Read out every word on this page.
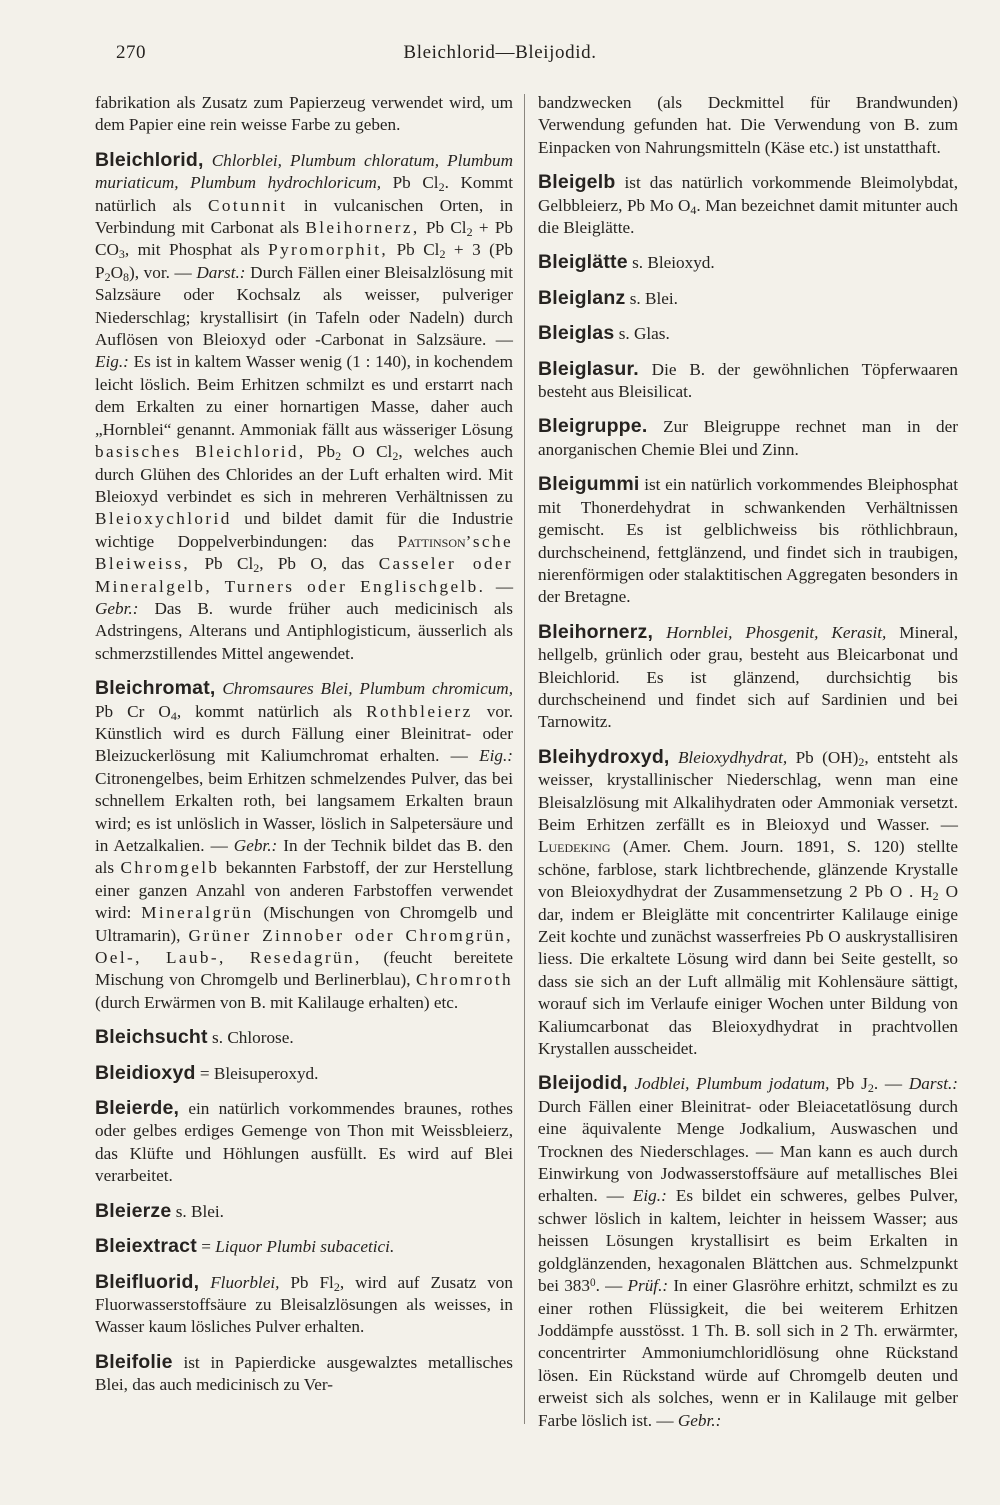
270	Bleichlorid—Bleijodid.

fabrikation als Zusatz zum Papierzeug verwendet wird, um dem Papier eine rein weisse Farbe zu geben.

Bleichlorid, Chlorblei, Plumbum chloratum, Plumbum muriaticum, Plumbum hydrochloricum, Pb $Cl_2$. Kommt natürlich als Cotunnit in vulcanischen Orten, in Verbindung mit Carbonat als Bleihornerz, Pb $Cl_2 + Pb$ $CO_3$, mit Phosphat als Pyromorphit, Pb $Cl_2 + 3$ (Pb $P_2O_8$), vor. — Darst.: Durch Fällen einer Bleisalzlösung mit Salzsäure oder Kochsalz als weisser, pulveriger Niederschlag; krystallisirt (in Tafeln oder Nadeln) durch Auflösen von Bleioxyd oder -Carbonat in Salzsäure. — Eig.: Es ist in kaltem Wasser wenig (1 : 140), in kochendem leicht löslich. Beim Erhitzen schmilzt es und erstarrt nach dem Erkalten zu einer hornartigen Masse, daher auch „Hornblei“ genannt. Ammoniak fällt aus wässeriger Lösung basisches Bleichlorid, $Pb_2$ O $Cl_2$, welches auch durch Glühen des Chlorides an der Luft erhalten wird. Mit Bleioxyd verbindet es sich in mehreren Verhältnissen zu Bleioxychlorid und bildet damit für die Industrie wichtige Doppelverbindungen: das Pattinson’sche Bleiweiss, Pb $Cl_2$, Pb O, das Casseler oder Mineralgelb, Turners oder Englischgelb. — Gebr.: Das B. wurde früher auch medicinisch als Adstringens, Alterans und Antiphlogisticum, äusserlich als schmerzstillendes Mittel angewendet.

Bleichromat, Chromsaures Blei, Plumbum chromicum, Pb Cr $O_4$, kommt natürlich als Rothbleierz vor. Künstlich wird es durch Fällung einer Bleinitrat- oder Bleizuckerlösung mit Kaliumchromat erhalten. — Eig.: Citronengelbes, beim Erhitzen schmelzendes Pulver, das bei schnellem Erkalten roth, bei langsamem Erkalten braun wird; es ist unlöslich in Wasser, löslich in Salpetersäure und in Aetzalkalien. — Gebr.: In der Technik bildet das B. den als Chromgelb bekannten Farbstoff, der zur Herstellung einer ganzen Anzahl von anderen Farbstoffen verwendet wird: Mineralgrün (Mischungen von Chromgelb und Ultramarin), Grüner Zinnober oder Chromgrün, Oel-, Laub-, Resedagrün, (feucht bereitete Mischung von Chromgelb und Berlinerblau), Chromroth (durch Erwärmen von B. mit Kalilauge erhalten) etc.

Bleichsucht s. Chlorose.

Bleidioxyd = Bleisuperoxyd.

Bleierde, ein natürlich vorkommendes braunes, rothes oder gelbes erdiges Gemenge von Thon mit Weissbleierz, das Klüfte und Höhlungen ausfüllt. Es wird auf Blei verarbeitet.

Bleierze s. Blei.

Bleiextract = Liquor Plumbi subacetici.

Bleifluorid, Fluorblei, Pb $Fl_2$, wird auf Zusatz von Fluorwasserstoffsäure zu Bleisalzlösungen als weisses, in Wasser kaum lösliches Pulver erhalten.

Bleifolie ist in Papierdicke ausgewalztes metallisches Blei, das auch medicinisch zu Ver-

bandzwecken (als Deckmittel für Brandwunden) Verwendung gefunden hat. Die Verwendung von B. zum Einpacken von Nahrungsmitteln (Käse etc.) ist unstatthaft.

Bleigelb ist das natürlich vorkommende Bleimolybdat, Gelbbleierz, Pb Mo $O_4$. Man bezeichnet damit mitunter auch die Bleiglätte.

Bleiglätte s. Bleioxyd.

Bleiglanz s. Blei.

Bleiglas s. Glas.

Bleiglasur. Die B. der gewöhnlichen Töpferwaaren besteht aus Bleisilicat.

Bleigruppe. Zur Bleigruppe rechnet man in der anorganischen Chemie Blei und Zinn.

Bleigummi ist ein natürlich vorkommendes Bleiphosphat mit Thonerdehydrat in schwankenden Verhältnissen gemischt. Es ist gelblichweiss bis röthlichbraun, durchscheinend, fettglänzend, und findet sich in traubigen, nierenförmigen oder stalaktitischen Aggregaten besonders in der Bretagne.

Bleihornerz, Hornblei, Phosgenit, Kerasit, Mineral, hellgelb, grünlich oder grau, besteht aus Bleicarbonat und Bleichlorid. Es ist glänzend, durchsichtig bis durchscheinend und findet sich auf Sardinien und bei Tarnowitz.

Bleihydroxyd, Bleioxydhydrat, Pb $(OH)_2$, entsteht als weisser, krystallinischer Niederschlag, wenn man eine Bleisalzlösung mit Alkalihydraten oder Ammoniak versetzt. Beim Erhitzen zerfällt es in Bleioxyd und Wasser. — Luedeking (Amer. Chem. Journ. 1891, S. 120) stellte schöne, farblose, stark lichtbrechende, glänzende Krystalle von Bleioxydhydrat der Zusammensetzung 2 Pb O . $H_2$ O dar, indem er Bleiglätte mit concentrirter Kalilauge einige Zeit kochte und zunächst wasserfreies Pb O auskrystallisiren liess. Die erkaltete Lösung wird dann bei Seite gestellt, so dass sie sich an der Luft allmälig mit Kohlensäure sättigt, worauf sich im Verlaufe einiger Wochen unter Bildung von Kaliumcarbonat das Bleioxydhydrat in prachtvollen Krystallen ausscheidet.

Bleijodid, Jodblei, Plumbum jodatum, Pb $J_2$. — Darst.: Durch Fällen einer Bleinitrat- oder Bleiacetatlösung durch eine äquivalente Menge Jodkalium, Auswaschen und Trocknen des Niederschlages. — Man kann es auch durch Einwirkung von Jodwasserstoffsäure auf metallisches Blei erhalten. — Eig.: Es bildet ein schweres, gelbes Pulver, schwer löslich in kaltem, leichter in heissem Wasser; aus heissen Lösungen krystallisirt es beim Erkalten in goldglänzenden, hexagonalen Blättchen aus. Schmelzpunkt bei $383^0$. — Prüf.: In einer Glasröhre erhitzt, schmilzt es zu einer rothen Flüssigkeit, die bei weiterem Erhitzen Joddämpfe ausstösst. 1 Th. B. soll sich in 2 Th. erwärmter, concentrirter Ammoniumchloridlösung ohne Rückstand lösen. Ein Rückstand würde auf Chromgelb deuten und erweist sich als solches, wenn er in Kalilauge mit gelber Farbe löslich ist. — Gebr.:
